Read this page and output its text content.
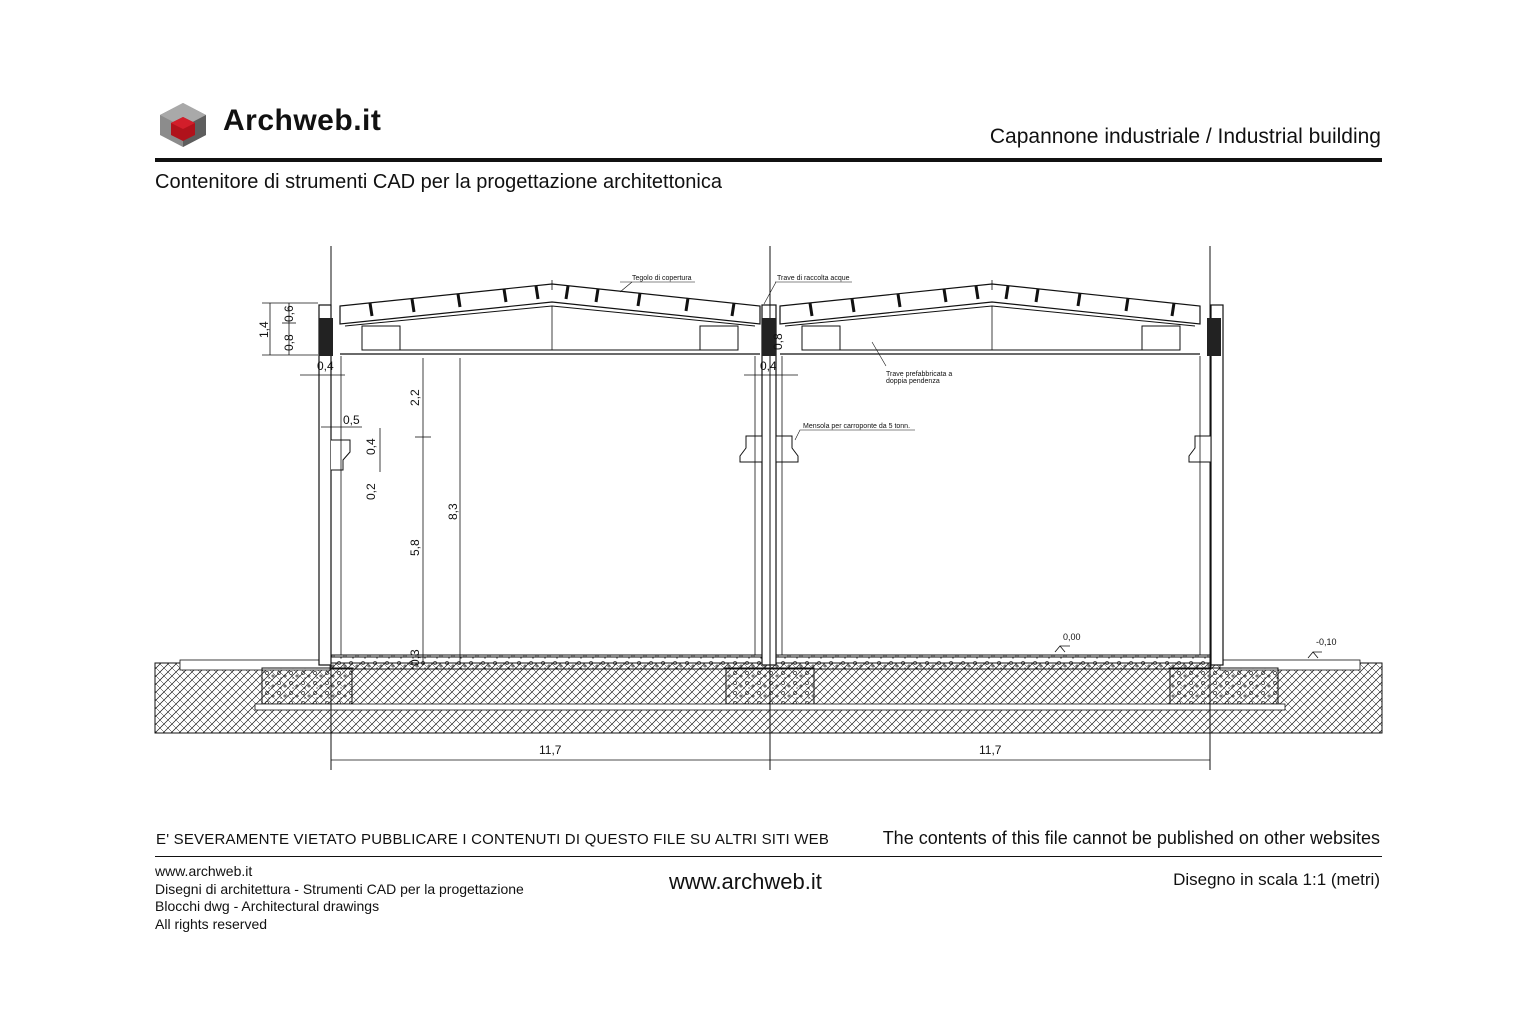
Archweb.it	Capannone industriale / Industrial building
Contenitore di strumenti CAD per la progettazione architettonica
1,4
0,6
0,8
0,4	0,4
0,8
0,5
0,4
0,2
2,2
5,8
8,3
0,3
11,7	11,7
0,00	-0,10
Tegolo di copertura	Trave di raccolta acque
Trave prefabbricata a
doppia pendenza
Mensola per carroponte da 5 tonn.
E' SEVERAMENTE VIETATO PUBBLICARE I CONTENUTI DI QUESTO FILE SU ALTRI SITI WEB	The contents of this file cannot be published on other websites
www.archweb.it
Disegni di architettura - Strumenti CAD per la progettazione
Blocchi dwg - Architectural drawings
All rights reserved
www.archweb.it	Disegno in scala 1:1 (metri)
